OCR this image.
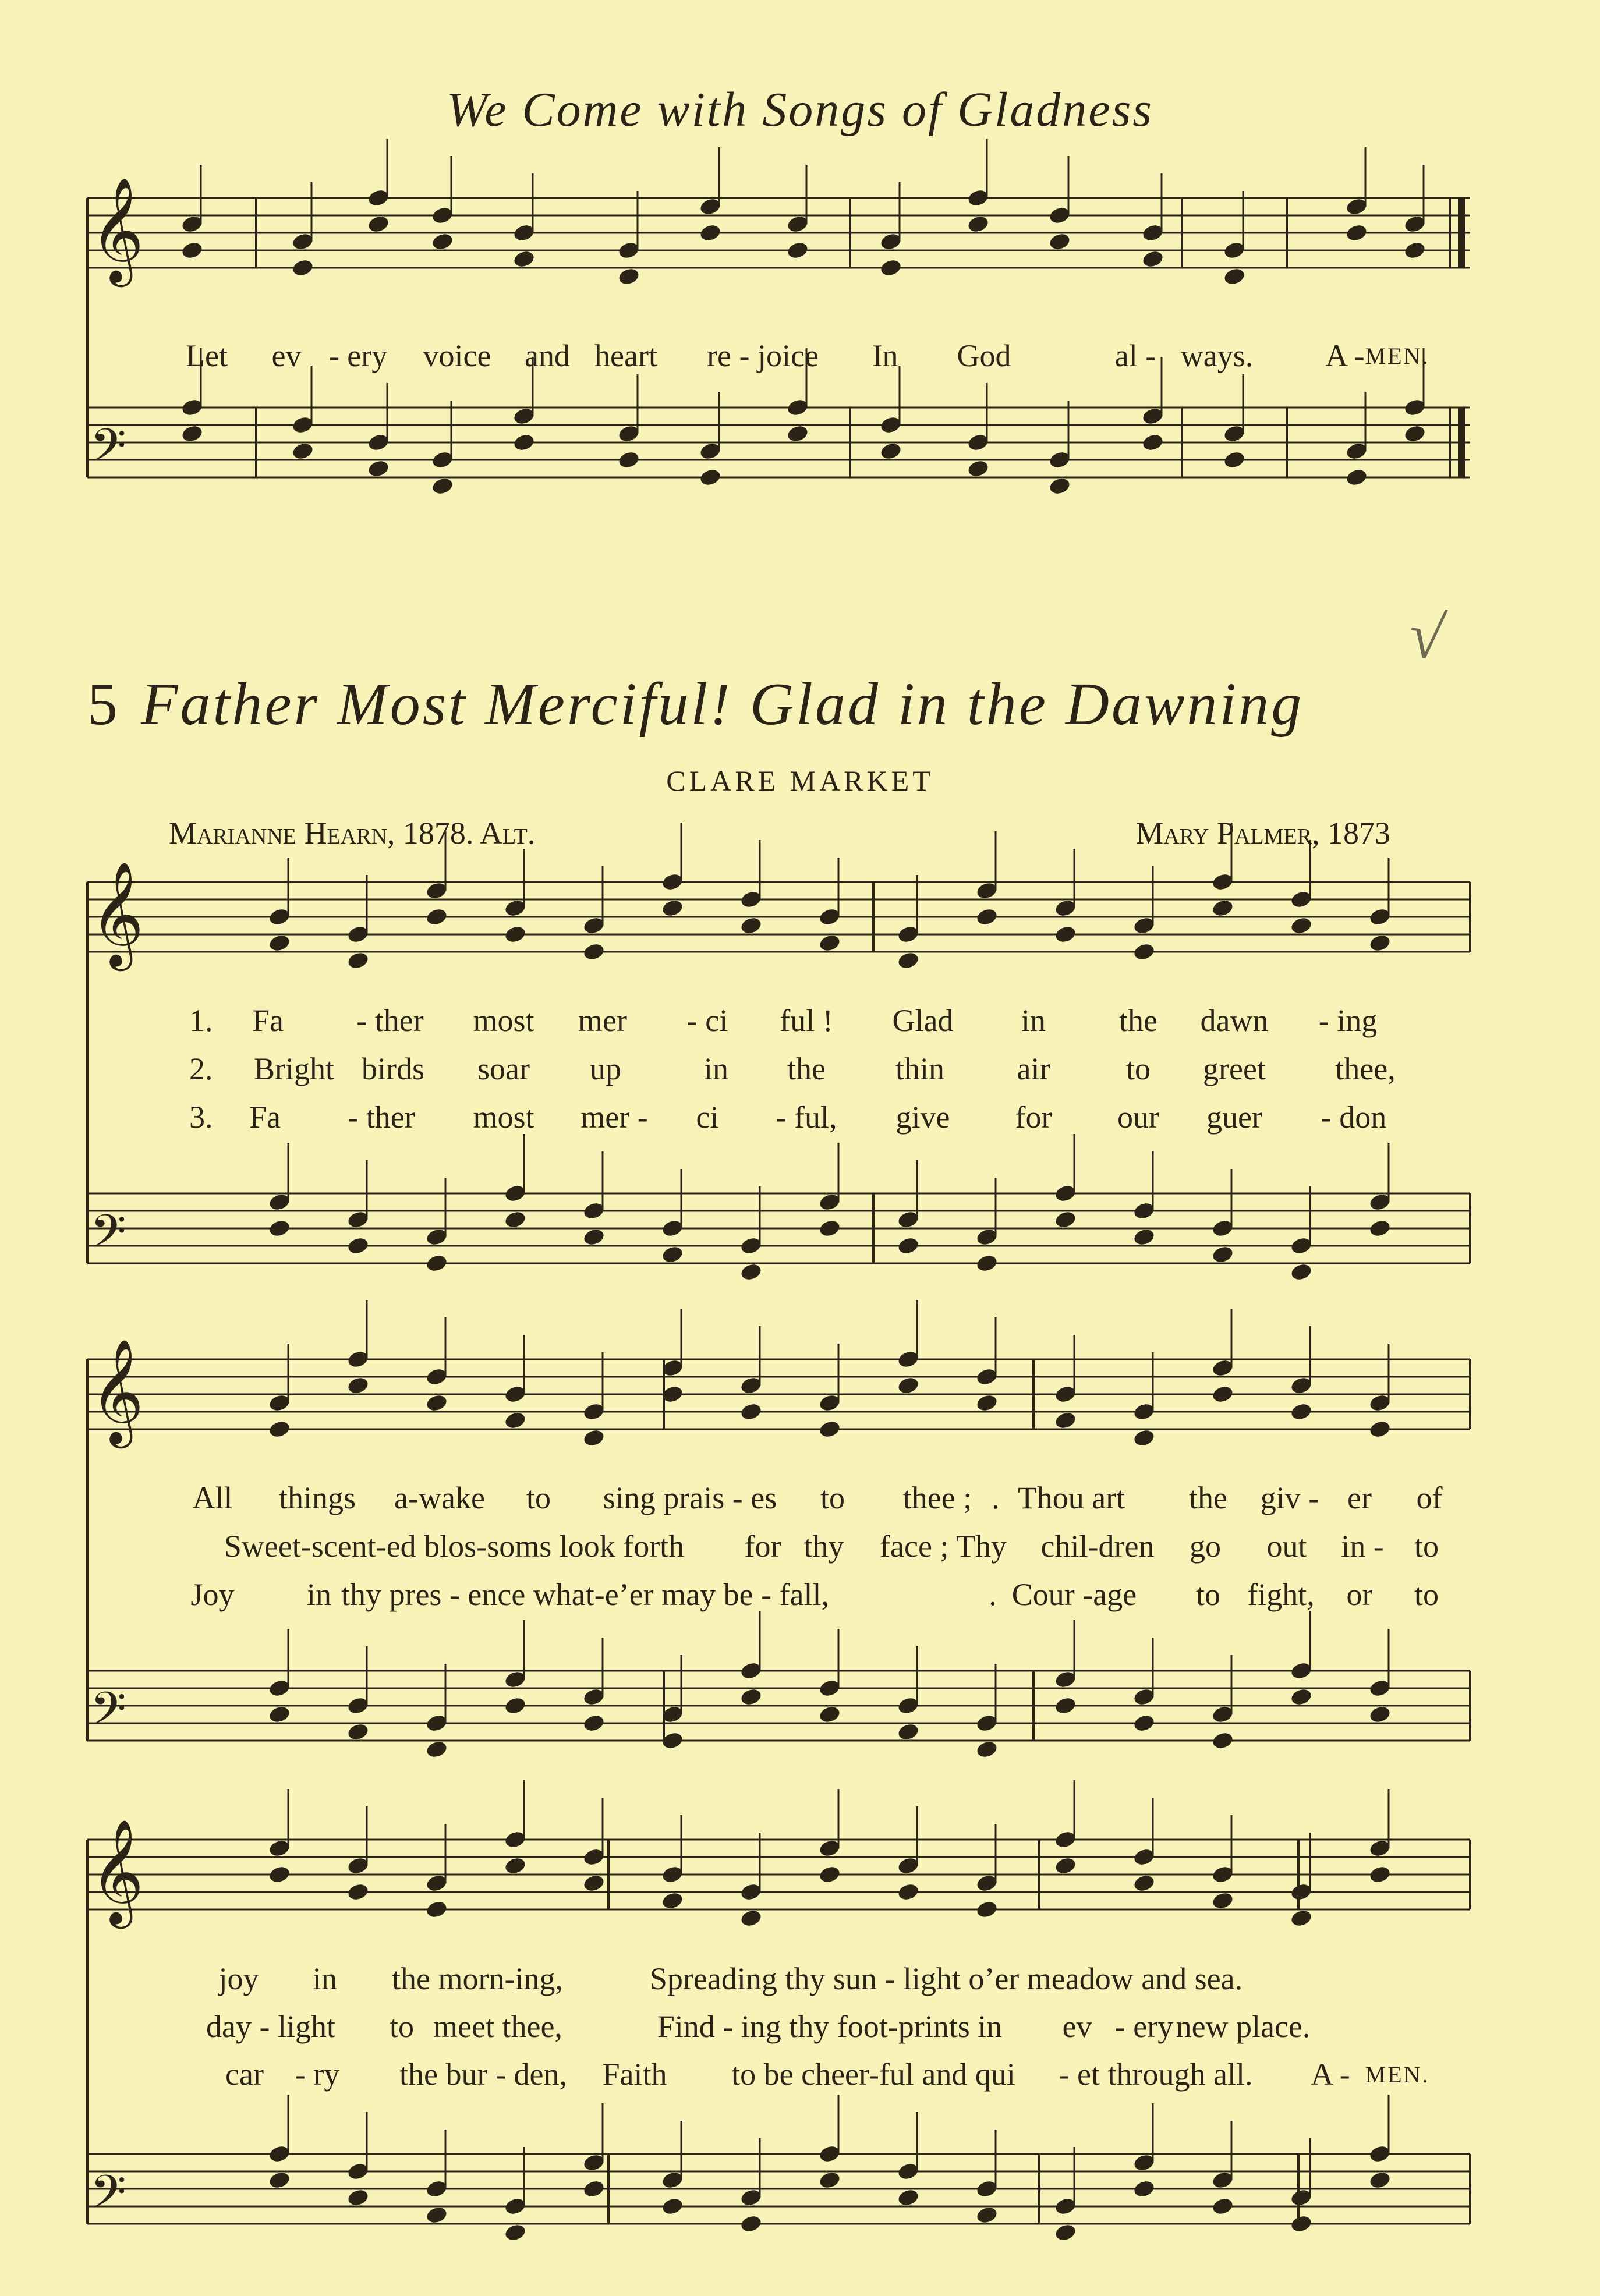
We Come with Songs of Gladness
5 Father Most Merciful! Glad in the Dawning
√
CLARE MARKET
Marianne Hearn, 1878. Alt.	Mary Palmer, 1873
𝄞
𝄢
𝄞
𝄢
𝄞
𝄢
𝄞
𝄢
Let ev - ery voice and heart re - joice In God	al - ways. A - MEN.
1.
2.
3.
Fa - ther most mer - ci ful ! Glad in the dawn - ing
Bright birds soar up	in the thin air to greet thee,
Fa - ther most mer - ci - ful, give for our guer - don
All things a-wake to sing prais - es to thee ; . Thou art the giv - er of
Sweet-scent-ed blos-soms look forth for thy face ; Thy chil-dren go out in - to
Joy in thy pres - ence what-e’er may be - fall,	. Cour -age to fight, or to
joy in the morn-ing,	Spreading thy sun - light o’er meadow and sea.
day - light to meet thee,	Find - ing thy foot-prints in ev - ery new place.
car - ry the bur - den, Faith to be cheer-ful and qui - et through all. A - MEN.
